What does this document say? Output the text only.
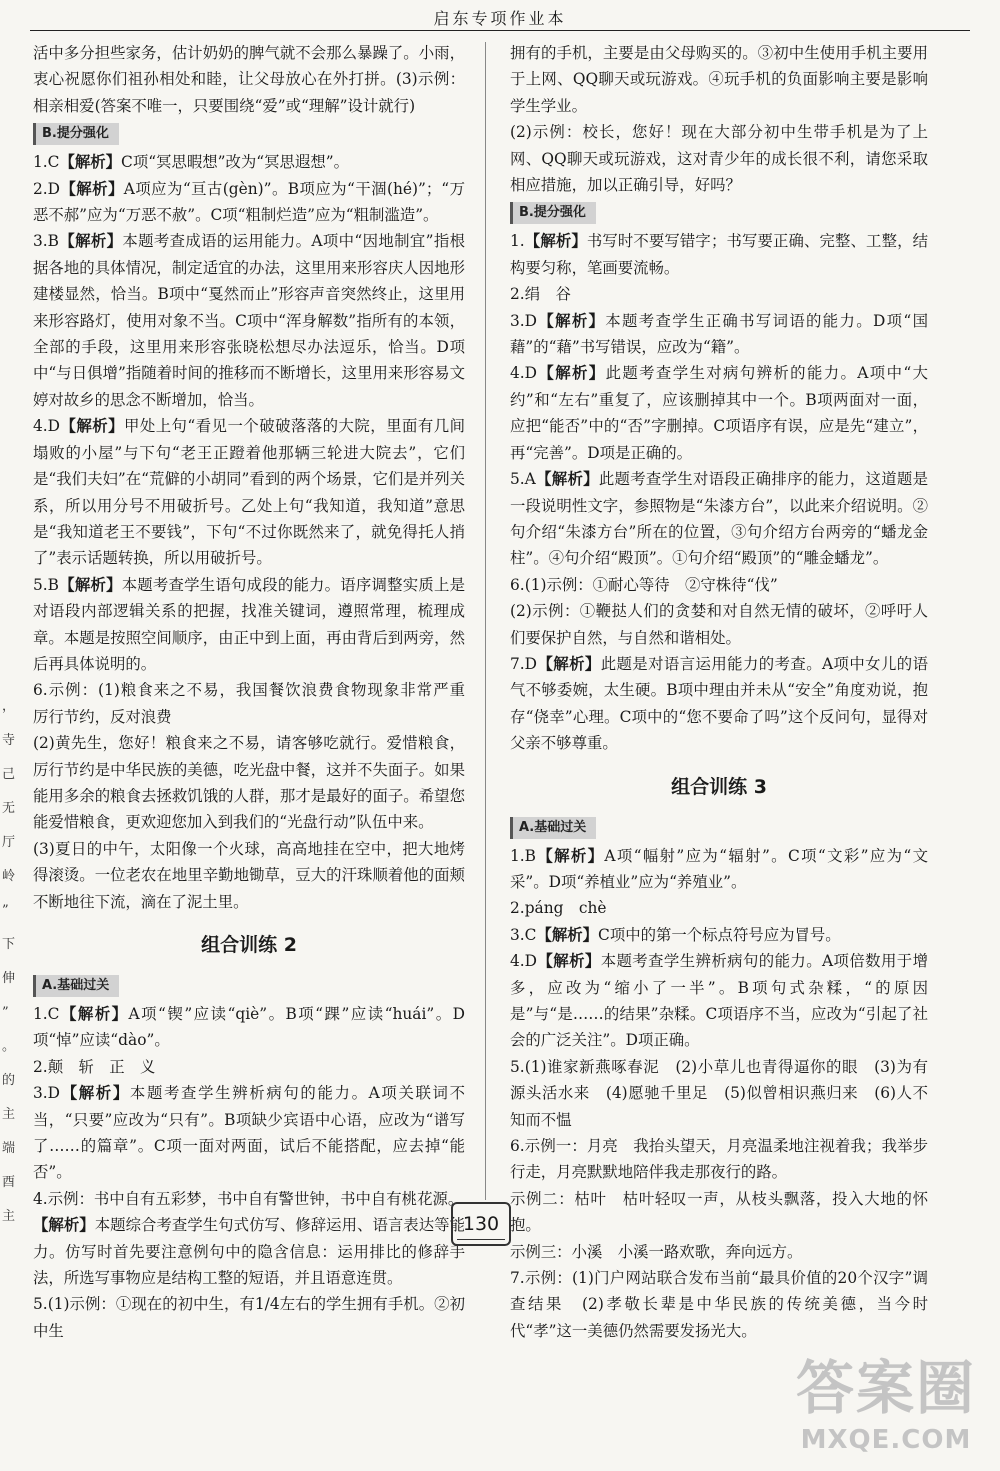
启东专项作业本
，
寺
己
无
厅
岭
”
下
伸
”
。
的
主
端
酉
主

活中多分担些家务，估计奶奶的脾气就不会那么暴躁了。小雨，衷心祝愿你们祖孙相处和睦，让父母放心在外打拼。(3)示例：相亲相爱(答案不唯一，只要围绕“爱”或“理解”设计就行)

B.提分强化

1.C【解析】C项“冥思暇想”改为“冥思遐想”。

2.D【解析】A项应为“亘古(gèn)”。B项应为“干涸(hé)”；“万恶不郝”应为“万恶不赦”。C项“粗制烂造”应为“粗制滥造”。

3.B【解析】本题考查成语的运用能力。A项中“因地制宜”指根据各地的具体情况，制定适宜的办法，这里用来形容庆人因地形建楼显然，恰当。B项中“戛然而止”形容声音突然终止，这里用来形容路灯，使用对象不当。C项中“浑身解数”指所有的本领，全部的手段，这里用来形容张晓松想尽办法逗乐，恰当。D项中“与日俱增”指随着时间的推移而不断增长，这里用来形容易文婷对故乡的思念不断增加，恰当。

4.D【解析】甲处上句“看见一个破破落落的大院，里面有几间塌败的小屋”与下句“老王正蹬着他那辆三轮进大院去”，它们是“我们夫妇”在“荒僻的小胡同”看到的两个场景，它们是并列关系，所以用分号不用破折号。乙处上句“我知道，我知道”意思是“我知道老王不要钱”，下句“不过你既然来了，就免得托人捎了”表示话题转换，所以用破折号。

5.B【解析】本题考查学生语句成段的能力。语序调整实质上是对语段内部逻辑关系的把握，找准关键词，遵照常理，梳理成章。本题是按照空间顺序，由正中到上面，再由背后到两旁，然后再具体说明的。

6.示例：(1)粮食来之不易，我国餐饮浪费食物现象非常严重　厉行节约，反对浪费

(2)黄先生，您好！粮食来之不易，请客够吃就行。爱惜粮食，厉行节约是中华民族的美德，吃光盘中餐，这并不失面子。如果能用多余的粮食去拯救饥饿的人群，那才是最好的面子。希望您能爱惜粮食，更欢迎您加入到我们的“光盘行动”队伍中来。

(3)夏日的中午，太阳像一个火球，高高地挂在空中，把大地烤得滚烫。一位老农在地里辛勤地锄草，豆大的汗珠顺着他的面颊不断地往下流，滴在了泥土里。

组合训练 2
A.基础过关

1.C【解析】A项“锲”应读“qiè”。B项“踝”应读“huái”。D项“悼”应读“dào”。

2.颠　斩　正　义

3.D【解析】本题考查学生辨析病句的能力。A项关联词不当，“只要”应改为“只有”。B项缺少宾语中心语，应改为“谱写了……的篇章”。C项一面对两面，试后不能搭配，应去掉“能否”。

4.示例：书中自有五彩梦，书中自有警世钟，书中自有桃花源。

【解析】本题综合考查学生句式仿写、修辞运用、语言表达等能力。仿写时首先要注意例句中的隐含信息：运用排比的修辞手法，所选写事物应是结构工整的短语，并且语意连贯。

5.(1)示例：①现在的初中生，有1/4左右的学生拥有手机。②初中生

拥有的手机，主要是由父母购买的。③初中生使用手机主要用于上网、QQ聊天或玩游戏。④玩手机的负面影响主要是影响学生学业。

(2)示例：校长，您好！现在大部分初中生带手机是为了上网、QQ聊天或玩游戏，这对青少年的成长很不利，请您采取相应措施，加以正确引导，好吗？

B.提分强化

1.【解析】书写时不要写错字；书写要正确、完整、工整，结构要匀称，笔画要流畅。

2.绢　谷

3.D【解析】本题考查学生正确书写词语的能力。D项“国藉”的“藉”书写错误，应改为“籍”。

4.D【解析】此题考查学生对病句辨析的能力。A项中“大约”和“左右”重复了，应该删掉其中一个。B项两面对一面，应把“能否”中的“否”字删掉。C项语序有误，应是先“建立”，再“完善”。D项是正确的。

5.A【解析】此题考查学生对语段正确排序的能力，这道题是一段说明性文字，参照物是“朱漆方台”，以此来介绍说明。②句介绍“朱漆方台”所在的位置，③句介绍方台两旁的“蟠龙金柱”。④句介绍“殿顶”。①句介绍“殿顶”的“雕金蟠龙”。

6.(1)示例：①耐心等待　②守株待“伐”

(2)示例：①鞭挞人们的贪婪和对自然无情的破坏，②呼吁人们要保护自然，与自然和谐相处。

7.D【解析】此题是对语言运用能力的考查。A项中女儿的语气不够委婉，太生硬。B项中理由并未从“安全”角度劝说，抱存“侥幸”心理。C项中的“您不要命了吗”这个反问句，显得对父亲不够尊重。

组合训练 3
A.基础过关

1.B【解析】A项“幅射”应为“辐射”。C项“文彩”应为“文采”。D项“养植业”应为“养殖业”。

2.páng　chè

3.C【解析】C项中的第一个标点符号应为冒号。

4.D【解析】本题考查学生辨析病句的能力。A项倍数用于增多，应改为“缩小了一半”。B项句式杂糅，“的原因是”与“是……的结果”杂糅。C项语序不当，应改为“引起了社会的广泛关注”。D项正确。

5.(1)谁家新燕啄春泥　(2)小草儿也青得逼你的眼　(3)为有源头活水来　(4)愿驰千里足　(5)似曾相识燕归来　(6)人不知而不愠

6.示例一：月亮　我抬头望天，月亮温柔地注视着我；我举步行走，月亮默默地陪伴我走那夜行的路。

示例二：枯叶　枯叶轻叹一声，从枝头飘落，投入大地的怀抱。

示例三：小溪　小溪一路欢歌，奔向远方。

7.示例：(1)门户网站联合发布当前“最具价值的20个汉字”调查结果　(2)孝敬长辈是中华民族的传统美德，当今时代“孝”这一美德仍然需要发扬光大。

130
答案圈
MXQE.COM
